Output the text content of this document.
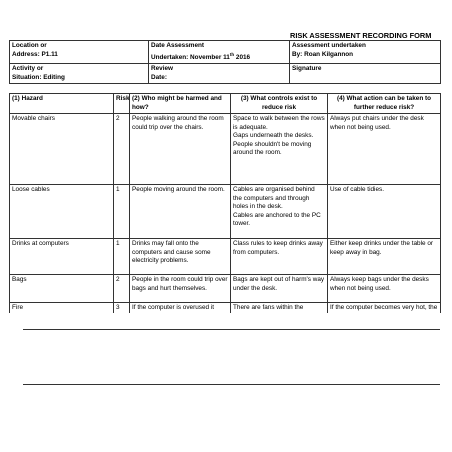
RISK ASSESSMENT RECORDING FORM
Location or
Address: P1.11	Date Assessment
Undertaken: November 11th 2016	Assessment undertaken
By: Roan Kilgannon

Activity or
Situation: Editing	Review
Date:	Signature
(1) Hazard	Risk	(2) Who might be harmed and how?	(3) What controls exist to reduce risk	(4) What action can be taken to further reduce risk?
Movable chairs	2	People walking around the room could trip over the chairs.	Space to walk between the rows is adequate.
Gaps underneath the desks.
People shouldn't be moving around the room.	Always put chairs under the desk when not being used.
Loose cables	1	People moving around the room.	Cables are organised behind the computers and through holes in the desk.
Cables are anchored to the PC tower.	Use of cable tidies.
Drinks at computers	1	Drinks may fall onto the computers and cause some electricity problems.	Class rules to keep drinks away from computers.	Either keep drinks under the table or keep away in bag.
Bags	2	People in the room could trip over bags and hurt themselves.	Bags are kept out of harm's way under the desk.	Always keep bags under the desks when not being used.
Fire	3	If the computer is overused it	There are fans within the	If the computer becomes very hot, the
